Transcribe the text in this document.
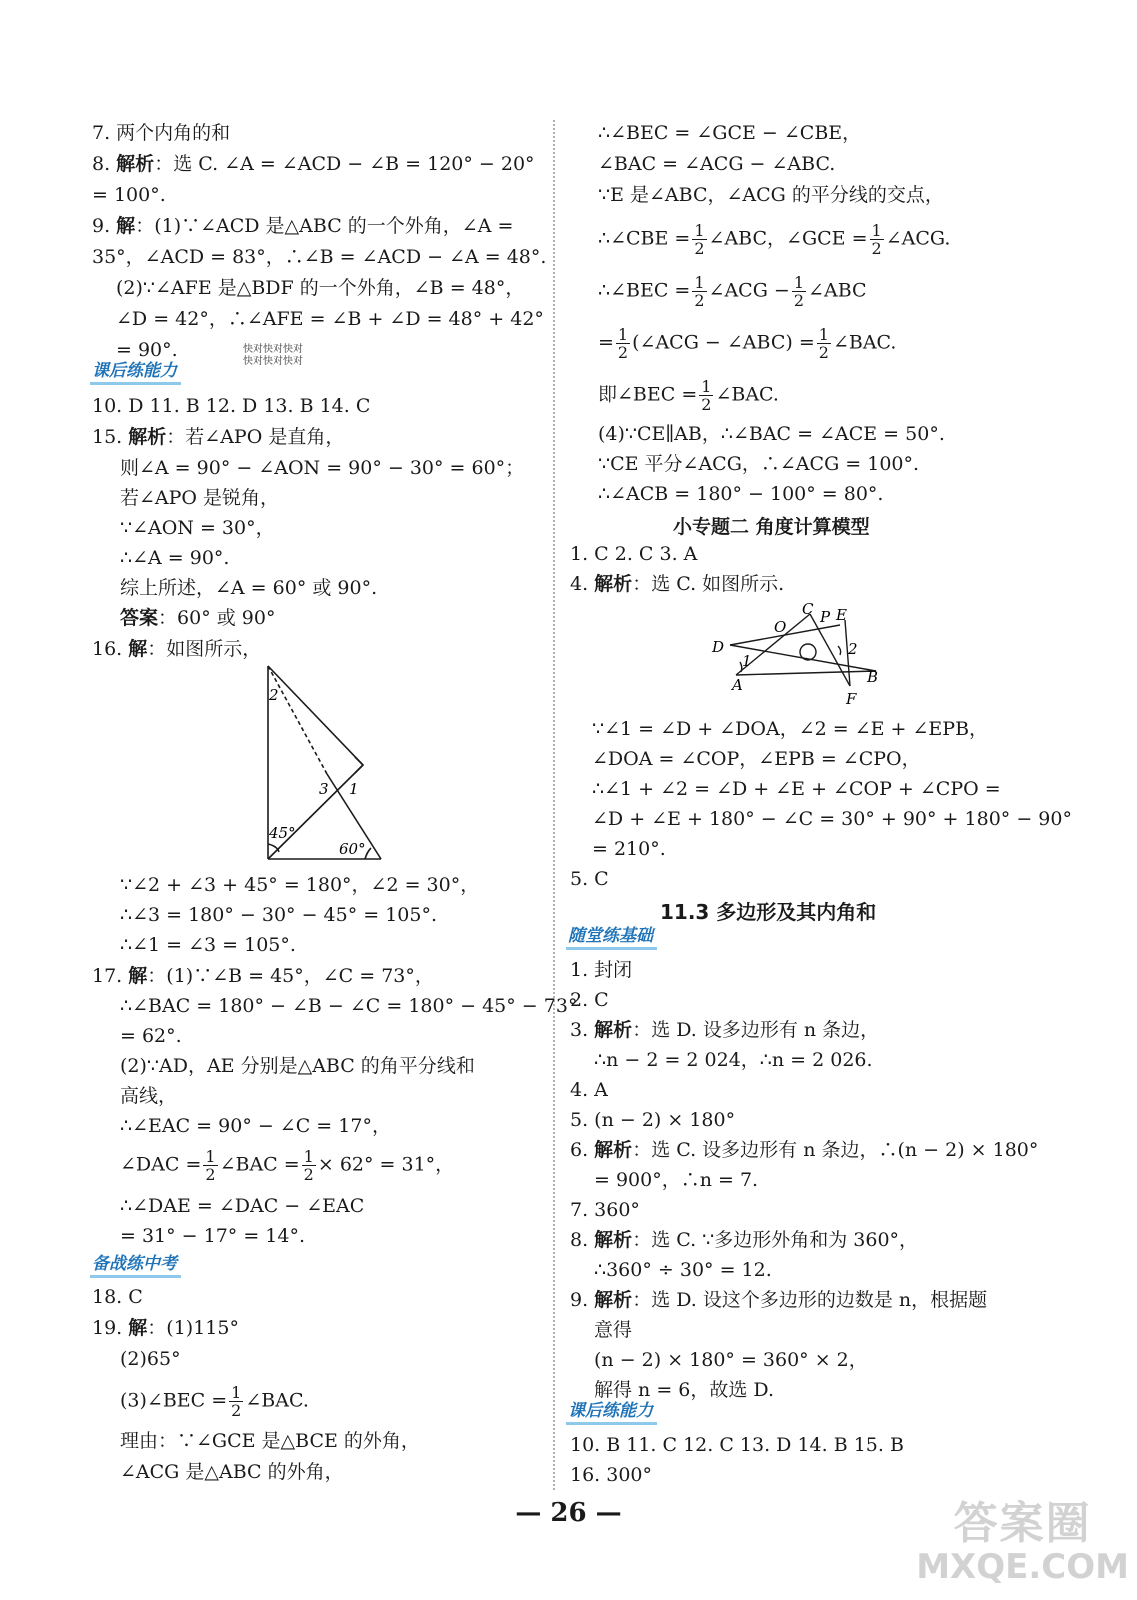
7. 两个内角的和
8. 解析：选 C. ∠A = ∠ACD − ∠B = 120° − 20°
= 100°.
9. 解：(1)∵∠ACD 是△ABC 的一个外角，∠A =
35°，∠ACD = 83°，∴∠B = ∠ACD − ∠A = 48°.
(2)∵∠AFE 是△BDF 的一个外角，∠B = 48°，
∠D = 42°，∴∠AFE = ∠B + ∠D = 48° + 42°
= 90°.	快对快对快对
快对快对快对
课后练能力
10. D 11. B 12. D 13. B 14. C
15. 解析：若∠APO 是直角，
则∠A = 90° − ∠AON = 90° − 30° = 60°；
若∠APO 是锐角，
∵∠AON = 30°，
∴∠A = 90°.
综上所述，∠A = 60° 或 90°.
答案：60° 或 90°
16. 解：如图所示，
2
3 1
45°
60°
∵∠2 + ∠3 + 45° = 180°，∠2 = 30°，
∴∠3 = 180° − 30° − 45° = 105°.
∴∠1 = ∠3 = 105°.
17. 解：(1)∵∠B = 45°，∠C = 73°，
∴∠BAC = 180° − ∠B − ∠C = 180° − 45° − 73°
= 62°.
(2)∵AD，AE 分别是△ABC 的角平分线和
高线，
∴∠EAC = 90° − ∠C = 17°，
∠DAC = $\frac{1}{2}$ ∠BAC = $\frac{1}{2} \times 62^\circ = 31^\circ$，
∴∠DAE = ∠DAC − ∠EAC
= 31° − 17° = 14°.
备战练中考
18. C
19. 解：(1)115°
(2)65°
(3)∠BEC = $\frac{1}{2}$ ∠BAC.
理由：∵∠GCE 是△BCE 的外角，
∠ACG 是△ABC 的外角，
∴∠BEC = ∠GCE − ∠CBE，
∠BAC = ∠ACG − ∠ABC.
∵E 是∠ABC，∠ACG 的平分线的交点，
∴∠CBE = $\frac{1}{2}$ ∠ABC，∠GCE = $\frac{1}{2}$ ∠ACG.
∴∠BEC = $\frac{1}{2}$ ∠ACG − $\frac{1}{2}$ ∠ABC
= $\frac{1}{2}$ (∠ACG − ∠ABC) = $\frac{1}{2}$ ∠BAC.
即∠BEC = $\frac{1}{2}$ ∠BAC.
(4)∵CE∥AB，∴∠BAC = ∠ACE = 50°.
∵CE 平分∠ACG，∴∠ACG = 100°.
∴∠ACB = 180° − 100° = 80°.
小专题二 角度计算模型
1. C 2. C 3. A
4. 解析：选 C. 如图所示.
C
O
P E
D
1
2
A	B
F
∵∠1 = ∠D + ∠DOA，∠2 = ∠E + ∠EPB，
∠DOA = ∠COP，∠EPB = ∠CPO，
∴∠1 + ∠2 = ∠D + ∠E + ∠COP + ∠CPO =
∠D + ∠E + 180° − ∠C = 30° + 90° + 180° − 90°
= 210°.
5. C
11.3 多边形及其内角和
随堂练基础
1. 封闭
2. C
3. 解析：选 D. 设多边形有 n 条边，
∴n − 2 = 2 024，∴n = 2 026.
4. A
5. (n − 2) × 180°
6. 解析：选 C. 设多边形有 n 条边，∴(n − 2) × 180°
= 900°，∴n = 7.
7. 360°
8. 解析：选 C. ∵多边形外角和为 360°，
∴360° ÷ 30° = 12.
9. 解析：选 D. 设这个多边形的边数是 n，根据题
意得
(n − 2) × 180° = 360° × 2，
解得 n = 6，故选 D.
课后练能力
10. B 11. C 12. C 13. D 14. B 15. B
16. 300°
— 26 —	答案圈
MXQE.COM
